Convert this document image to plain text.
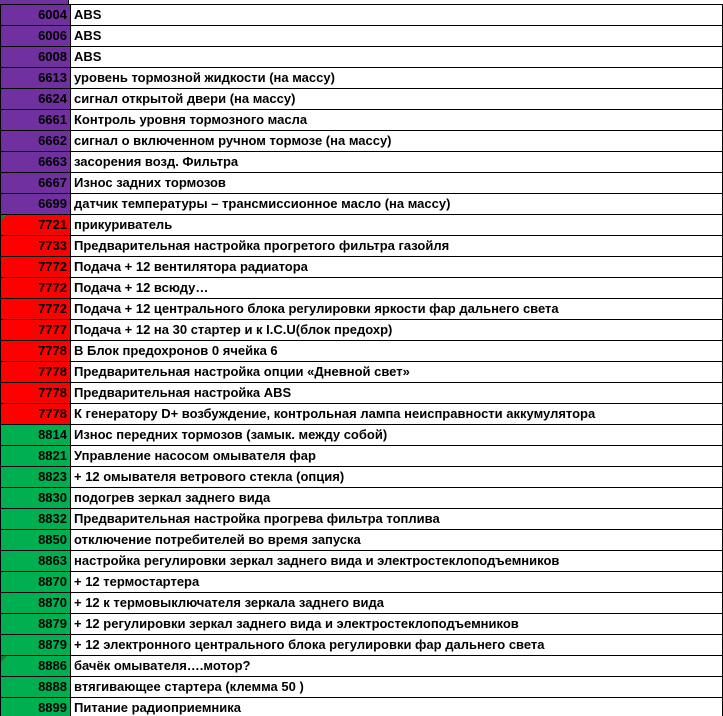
6004	ABS
6006	ABS
6008	ABS
6613	уровень тормозной жидкости (на массу)
6624	сигнал открытой двери (на массу)
6661	Контроль уровня тормозного масла
6662	сигнал о включенном ручном тормозе (на массу)
6663	засорения возд. Фильтра
6667	Износ задних тормозов
6699	датчик температуры – трансмиссионное масло (на массу)
7721	прикуриватель
7733	Предварительная настройка прогретого фильтра газойля
7772	Подача + 12 вентилятора радиатора
7772	Подача + 12 всюду…
7772	Подача + 12 центрального блока регулировки яркости фар дальнего света
7777	Подача + 12 на 30 стартер и к I.C.U(блок предохр)
7778	В Блок предохронов 0 ячейка 6
7778	Предварительная настройка опции «Дневной свет»
7778	Предварительная настройка ABS
7778	К генератору D+ возбуждение, контрольная лампа неисправности аккумулятора
8814	Износ передних тормозов (замык. между собой)
8821	Управление насосом омывателя фар
8823	+ 12 омывателя ветрового стекла (опция)
8830	подогрев зеркал заднего вида
8832	Предварительная настройка прогрева фильтра топлива
8850	отключение потребителей во время запуска
8863	настройка регулировки зеркал заднего вида и электростеклоподъемников
8870	+ 12 термостартера
8870	+ 12 к термовыключателя зеркала заднего вида
8879	+ 12 регулировки зеркал заднего вида и электростеклоподъемников
8879	+ 12 электронного центрального блока регулировки фар дальнего света
8886	бачёк омывателя….мотор?
8888	втягивающее стартера (клемма 50 )
8899	Питание радиоприемника
